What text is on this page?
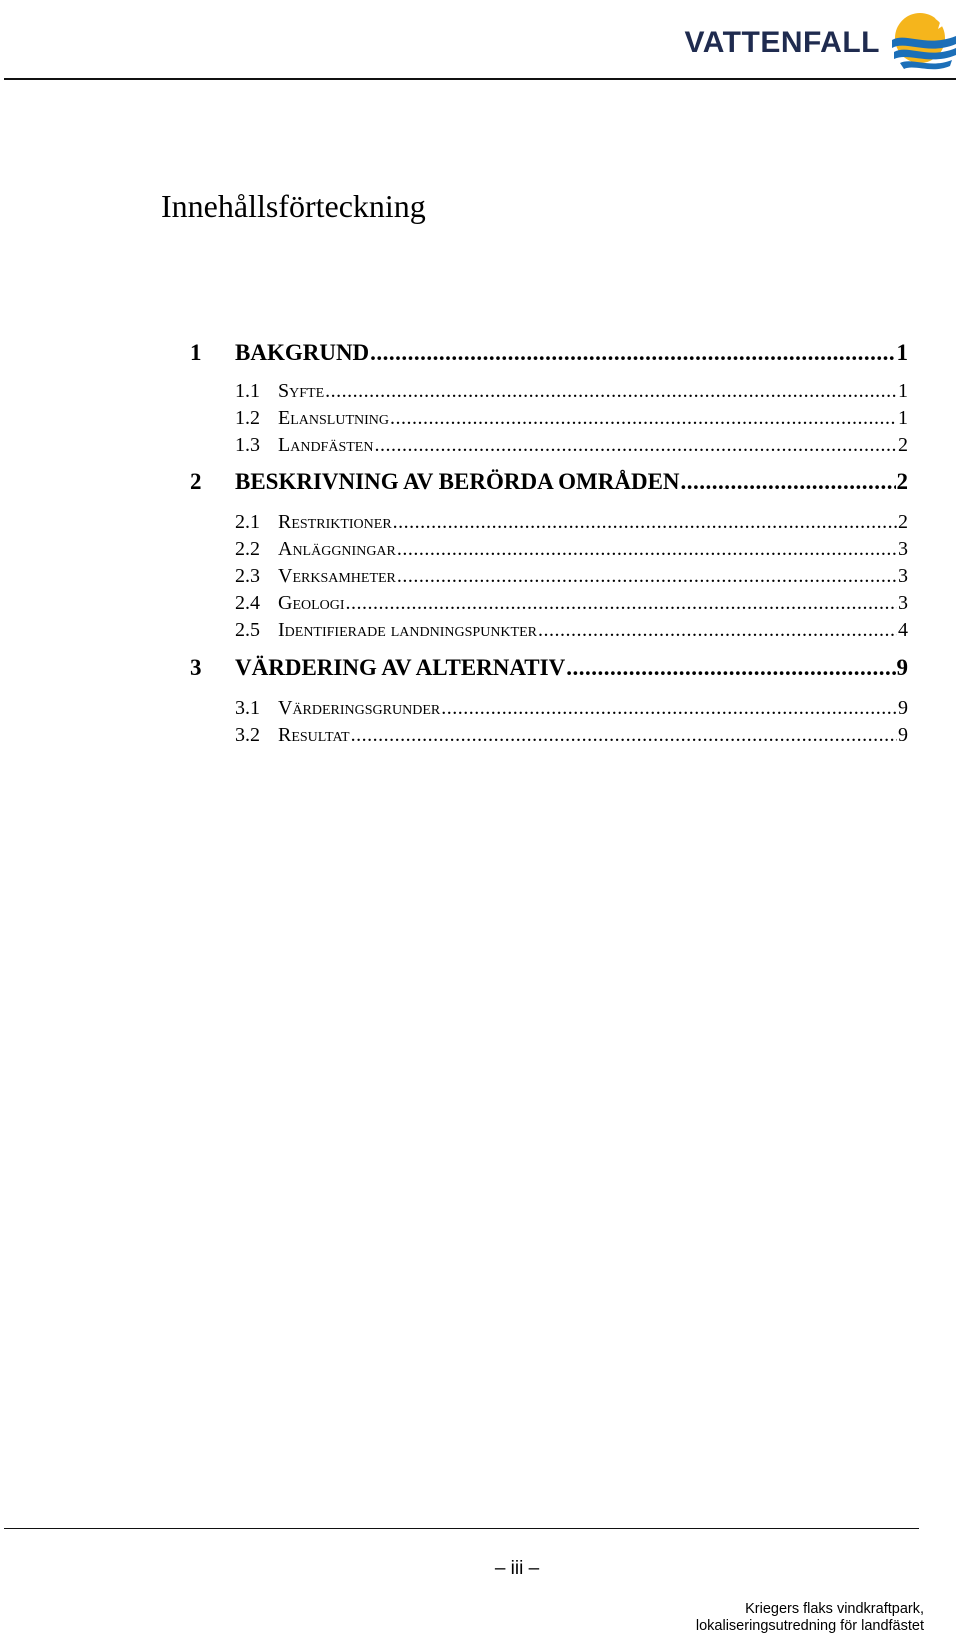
VATTENFALL
Innehållsförteckning
1	BAKGRUND .....	1
1.1 Syfte .....	1
1.2 Elanslutning .....	1
1.3 Landfästen .....	2
2	BESKRIVNING AV BERÖRDA OMRÅDEN .....	2
2.1 Restriktioner .....	2
2.2 Anläggningar .....	3
2.3 Verksamheter .....	3
2.4 Geologi .....	3
2.5 Identifierade landningspunkter .....	4
3	VÄRDERING AV ALTERNATIV .....	9
3.1 Värderingsgrunder .....	9
3.2 Resultat .....	9
– iii –
Kriegers flaks vindkraftpark,
lokaliseringsutredning för landfästet
